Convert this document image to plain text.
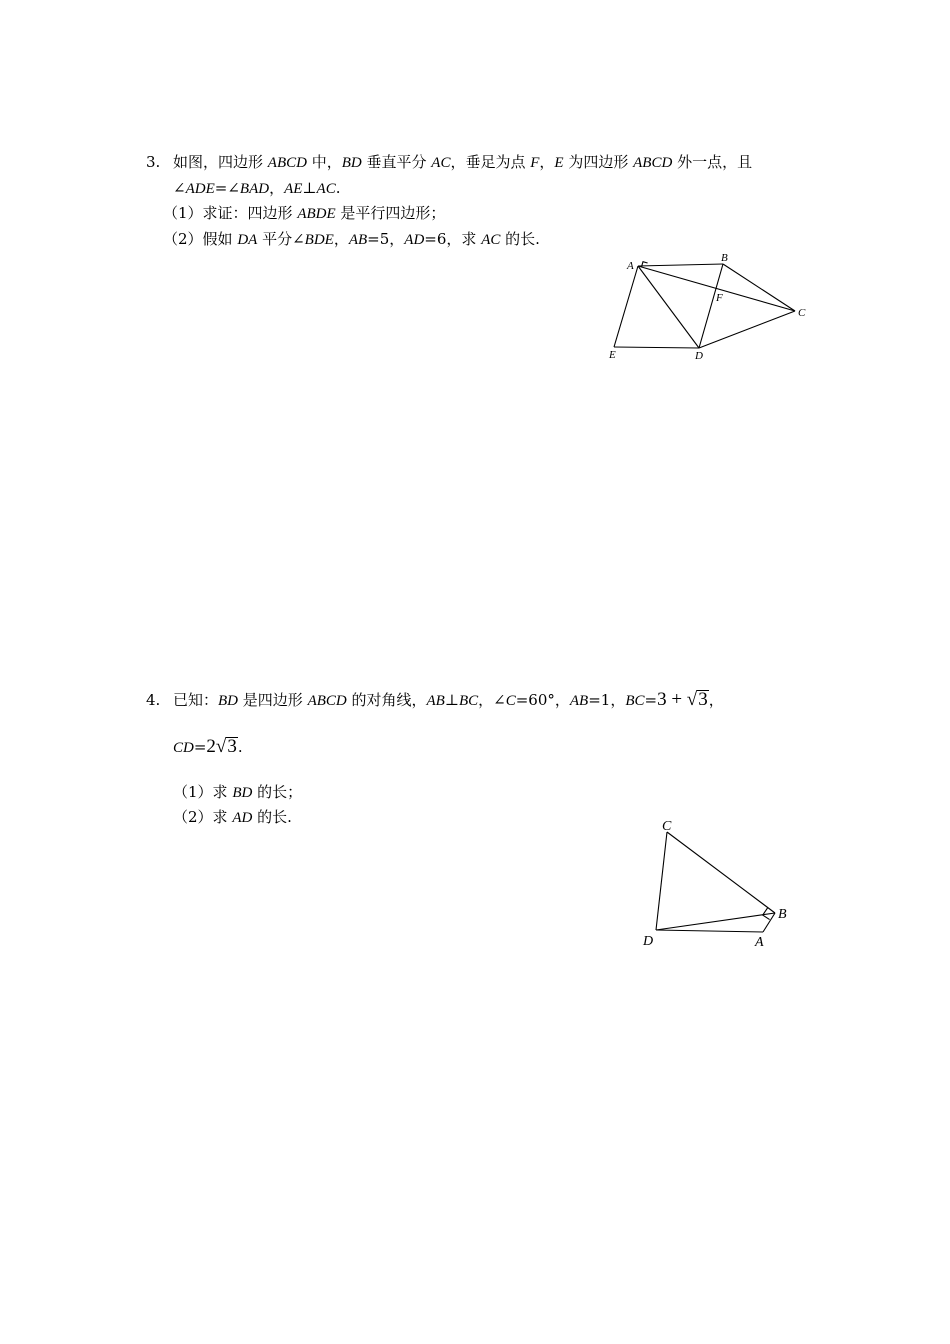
3. 如图，四边形 ABCD 中，BD 垂直平分 AC，垂足为点 F，E 为四边形 ABCD 外一点，且
∠ADE=∠BAD，AE⊥AC.
（1）求证：四边形 ABDE 是平行四边形；
（2）假如 DA 平分∠BDE，AB=5，AD=6，求 AC 的长.
A
B
C
D
E
F
4. 已知：BD 是四边形 ABCD 的对角线，AB⊥BC，∠C=60°，AB=1，BC=3 + √3，
CD=2√3.
（1）求 BD 的长；
（2）求 AD 的长.
C
B
A
D
